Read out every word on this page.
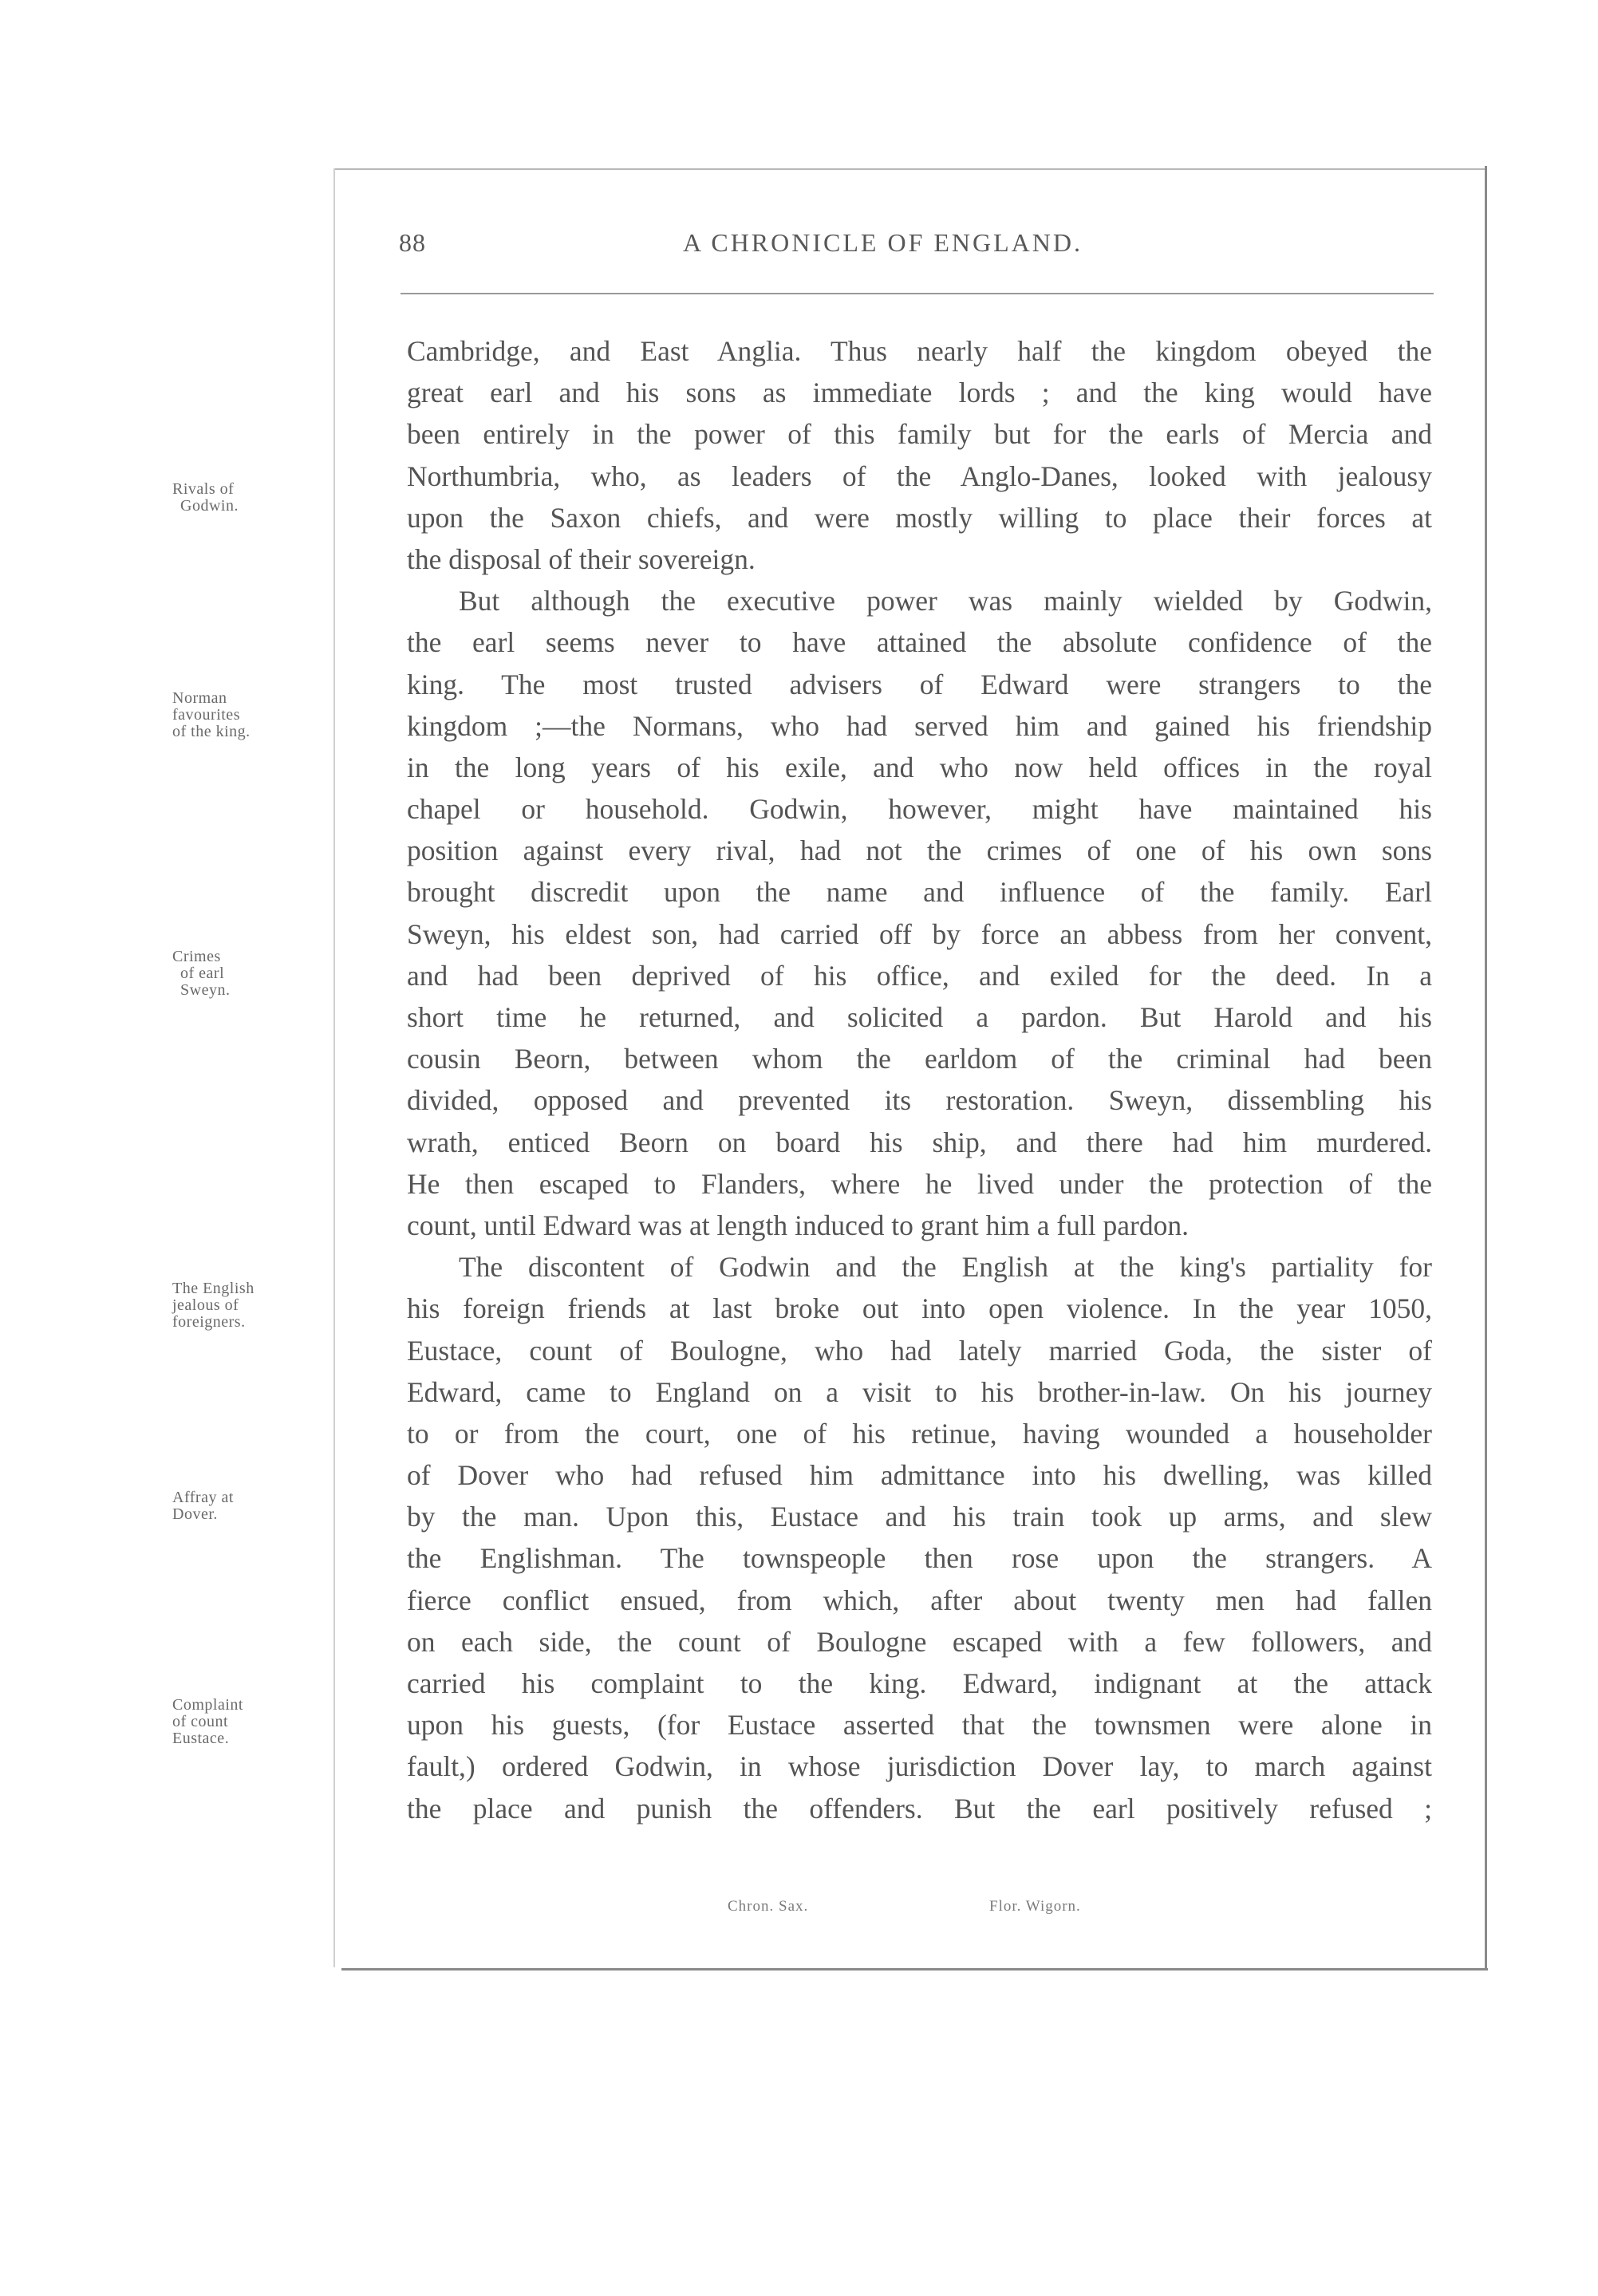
88	A CHRONICLE OF ENGLAND.
Rivals of
Godwin.
Norman
favourites
of the king.
Crimes
of earl
Sweyn.
The English
jealous of
foreigners.
Affray at
Dover.
Complaint
of count
Eustace.
Cambridge, and East Anglia. Thus nearly half the kingdom obeyed the
great earl and his sons as immediate lords ; and the king would have
been entirely in the power of this family but for the earls of Mercia and
Northumbria, who, as leaders of the Anglo-Danes, looked with jealousy
upon the Saxon chiefs, and were mostly willing to place their forces at
the disposal of their sovereign.
But although the executive power was mainly wielded by Godwin,
the earl seems never to have attained the absolute confidence of the
king. The most trusted advisers of Edward were strangers to the
kingdom ;—the Normans, who had served him and gained his friendship
in the long years of his exile, and who now held offices in the royal
chapel or household. Godwin, however, might have maintained his
position against every rival, had not the crimes of one of his own sons
brought discredit upon the name and influence of the family. Earl
Sweyn, his eldest son, had carried off by force an abbess from her convent,
and had been deprived of his office, and exiled for the deed. In a
short time he returned, and solicited a pardon. But Harold and his
cousin Beorn, between whom the earldom of the criminal had been
divided, opposed and prevented its restoration. Sweyn, dissembling his
wrath, enticed Beorn on board his ship, and there had him murdered.
He then escaped to Flanders, where he lived under the protection of the
count, until Edward was at length induced to grant him a full pardon.
The discontent of Godwin and the English at the king's partiality for
his foreign friends at last broke out into open violence. In the year 1050,
Eustace, count of Boulogne, who had lately married Goda, the sister of
Edward, came to England on a visit to his brother-in-law. On his journey
to or from the court, one of his retinue, having wounded a householder
of Dover who had refused him admittance into his dwelling, was killed
by the man. Upon this, Eustace and his train took up arms, and slew
the Englishman. The townspeople then rose upon the strangers. A
fierce conflict ensued, from which, after about twenty men had fallen
on each side, the count of Boulogne escaped with a few followers, and
carried his complaint to the king. Edward, indignant at the attack
upon his guests, (for Eustace asserted that the townsmen were alone in
fault,) ordered Godwin, in whose jurisdiction Dover lay, to march against
the place and punish the offenders. But the earl positively refused ;
Chron. Sax.	Flor. Wigorn.
